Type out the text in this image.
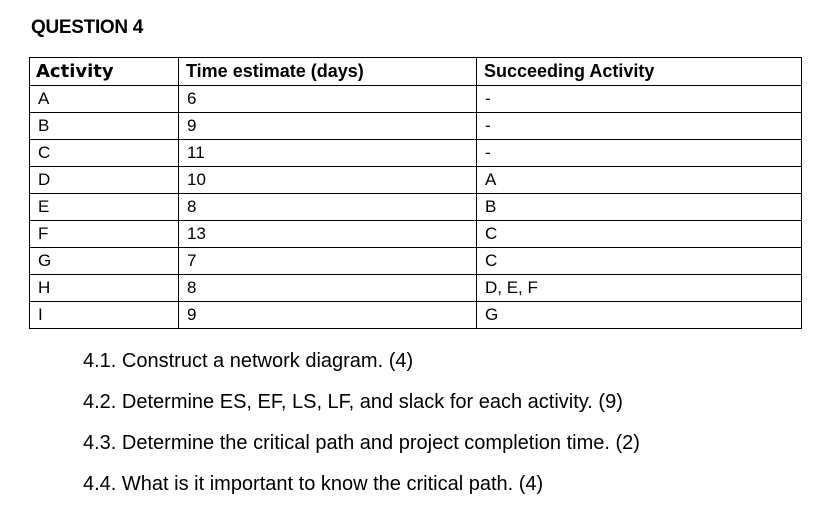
QUESTION 4
Activity	Time estimate (days)	Succeeding Activity
A	6	-
B	9	-
C	11	-
D	10	A
E	8	B
F	13	C
G	7	C
H	8	D, E, F
I	9	G
4.1. Construct a network diagram. (4)
4.2. Determine ES, EF, LS, LF, and slack for each activity. (9)
4.3. Determine the critical path and project completion time. (2)
4.4. What is it important to know the critical path. (4)
